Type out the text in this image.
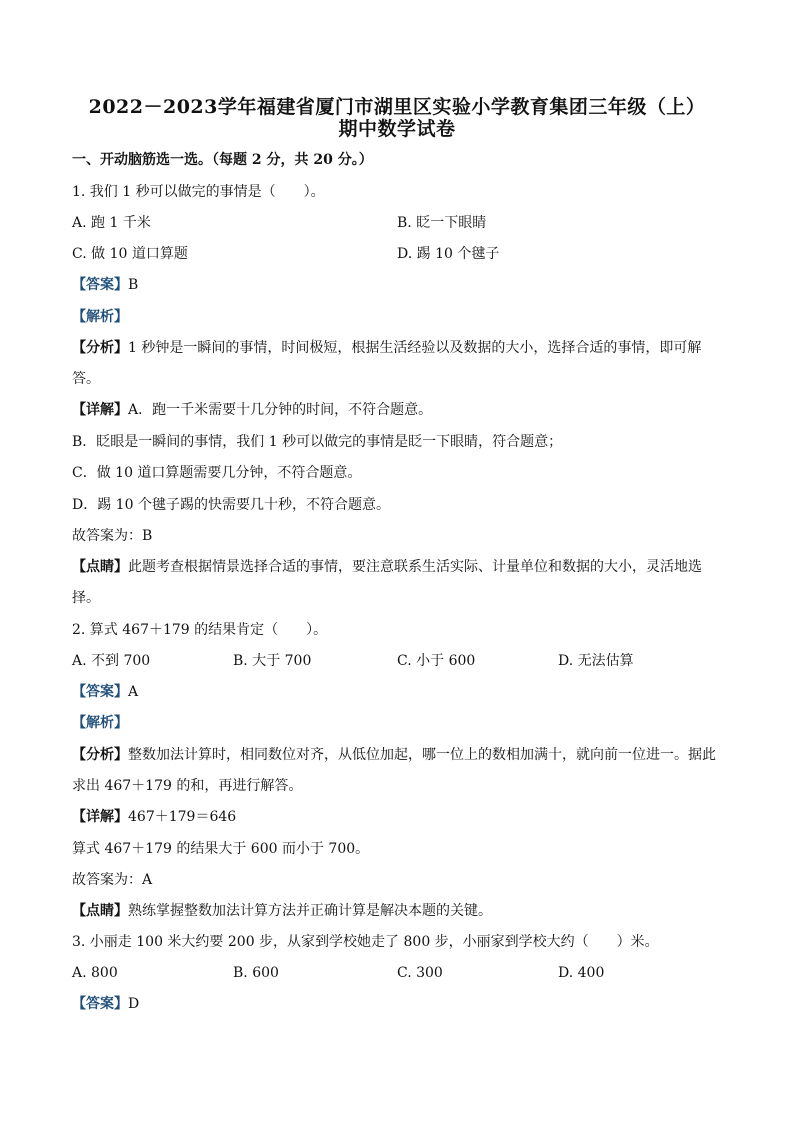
2022－2023学年福建省厦门市湖里区实验小学教育集团三年级（上）
期中数学试卷
一、开动脑筋选一选。（每题 2 分，共 20 分。）
1. 我们 1 秒可以做完的事情是（　　）。
A. 跑 1 千米	B. 眨一下眼睛
C. 做 10 道口算题	D. 踢 10 个毽子
【答案】B
【解析】
【分析】1 秒钟是一瞬间的事情，时间极短，根据生活经验以及数据的大小，选择合适的事情，即可解
答。
【详解】A．跑一千米需要十几分钟的时间，不符合题意。
B．眨眼是一瞬间的事情，我们 1 秒可以做完的事情是眨一下眼睛，符合题意；
C．做 10 道口算题需要几分钟，不符合题意。
D．踢 10 个毽子踢的快需要几十秒，不符合题意。
故答案为：B
【点睛】此题考查根据情景选择合适的事情，要注意联系生活实际、计量单位和数据的大小，灵活地选
择。
2. 算式 467＋179 的结果肯定（　　）。
A. 不到 700	B. 大于 700	C. 小于 600	D. 无法估算
【答案】A
【解析】
【分析】整数加法计算时，相同数位对齐，从低位加起，哪一位上的数相加满十，就向前一位进一。据此
求出 467＋179 的和，再进行解答。
【详解】467＋179＝646
算式 467＋179 的结果大于 600 而小于 700。
故答案为：A
【点睛】熟练掌握整数加法计算方法并正确计算是解决本题的关键。
3. 小丽走 100 米大约要 200 步，从家到学校她走了 800 步，小丽家到学校大约（　　）米。
A. 800	B. 600	C. 300	D. 400
【答案】D
